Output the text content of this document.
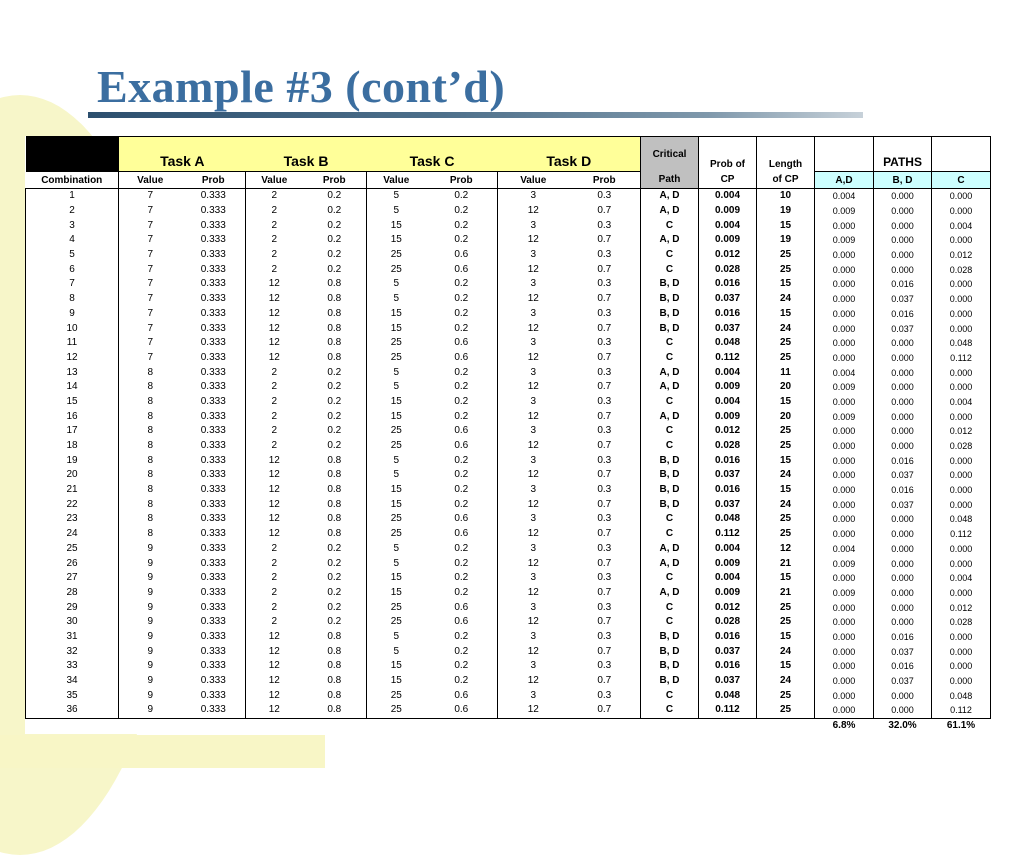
Example #3 (cont’d)
	Task A		Task B		Task C		Task D		Critical	Prob of	Length		PATHS	
Combination	Value	Prob	Value	Prob	Value	Prob	Value	Prob	Path	CP	of CP	A,D	B, D	C
1	7	0.333	2	0.2	5	0.2	3	0.3	A, D	0.004	10	0.004	0.000	0.000
2	7	0.333	2	0.2	5	0.2	12	0.7	A, D	0.009	19	0.009	0.000	0.000
3	7	0.333	2	0.2	15	0.2	3	0.3	C	0.004	15	0.000	0.000	0.004
4	7	0.333	2	0.2	15	0.2	12	0.7	A, D	0.009	19	0.009	0.000	0.000
5	7	0.333	2	0.2	25	0.6	3	0.3	C	0.012	25	0.000	0.000	0.012
6	7	0.333	2	0.2	25	0.6	12	0.7	C	0.028	25	0.000	0.000	0.028
7	7	0.333	12	0.8	5	0.2	3	0.3	B, D	0.016	15	0.000	0.016	0.000
8	7	0.333	12	0.8	5	0.2	12	0.7	B, D	0.037	24	0.000	0.037	0.000
9	7	0.333	12	0.8	15	0.2	3	0.3	B, D	0.016	15	0.000	0.016	0.000
10	7	0.333	12	0.8	15	0.2	12	0.7	B, D	0.037	24	0.000	0.037	0.000
11	7	0.333	12	0.8	25	0.6	3	0.3	C	0.048	25	0.000	0.000	0.048
12	7	0.333	12	0.8	25	0.6	12	0.7	C	0.112	25	0.000	0.000	0.112
13	8	0.333	2	0.2	5	0.2	3	0.3	A, D	0.004	11	0.004	0.000	0.000
14	8	0.333	2	0.2	5	0.2	12	0.7	A, D	0.009	20	0.009	0.000	0.000
15	8	0.333	2	0.2	15	0.2	3	0.3	C	0.004	15	0.000	0.000	0.004
16	8	0.333	2	0.2	15	0.2	12	0.7	A, D	0.009	20	0.009	0.000	0.000
17	8	0.333	2	0.2	25	0.6	3	0.3	C	0.012	25	0.000	0.000	0.012
18	8	0.333	2	0.2	25	0.6	12	0.7	C	0.028	25	0.000	0.000	0.028
19	8	0.333	12	0.8	5	0.2	3	0.3	B, D	0.016	15	0.000	0.016	0.000
20	8	0.333	12	0.8	5	0.2	12	0.7	B, D	0.037	24	0.000	0.037	0.000
21	8	0.333	12	0.8	15	0.2	3	0.3	B, D	0.016	15	0.000	0.016	0.000
22	8	0.333	12	0.8	15	0.2	12	0.7	B, D	0.037	24	0.000	0.037	0.000
23	8	0.333	12	0.8	25	0.6	3	0.3	C	0.048	25	0.000	0.000	0.048
24	8	0.333	12	0.8	25	0.6	12	0.7	C	0.112	25	0.000	0.000	0.112
25	9	0.333	2	0.2	5	0.2	3	0.3	A, D	0.004	12	0.004	0.000	0.000
26	9	0.333	2	0.2	5	0.2	12	0.7	A, D	0.009	21	0.009	0.000	0.000
27	9	0.333	2	0.2	15	0.2	3	0.3	C	0.004	15	0.000	0.000	0.004
28	9	0.333	2	0.2	15	0.2	12	0.7	A, D	0.009	21	0.009	0.000	0.000
29	9	0.333	2	0.2	25	0.6	3	0.3	C	0.012	25	0.000	0.000	0.012
30	9	0.333	2	0.2	25	0.6	12	0.7	C	0.028	25	0.000	0.000	0.028
31	9	0.333	12	0.8	5	0.2	3	0.3	B, D	0.016	15	0.000	0.016	0.000
32	9	0.333	12	0.8	5	0.2	12	0.7	B, D	0.037	24	0.000	0.037	0.000
33	9	0.333	12	0.8	15	0.2	3	0.3	B, D	0.016	15	0.000	0.016	0.000
34	9	0.333	12	0.8	15	0.2	12	0.7	B, D	0.037	24	0.000	0.037	0.000
35	9	0.333	12	0.8	25	0.6	3	0.3	C	0.048	25	0.000	0.000	0.048
36	9	0.333	12	0.8	25	0.6	12	0.7	C	0.112	25	0.000	0.000	0.112
												6.8%	32.0%	61.1%
